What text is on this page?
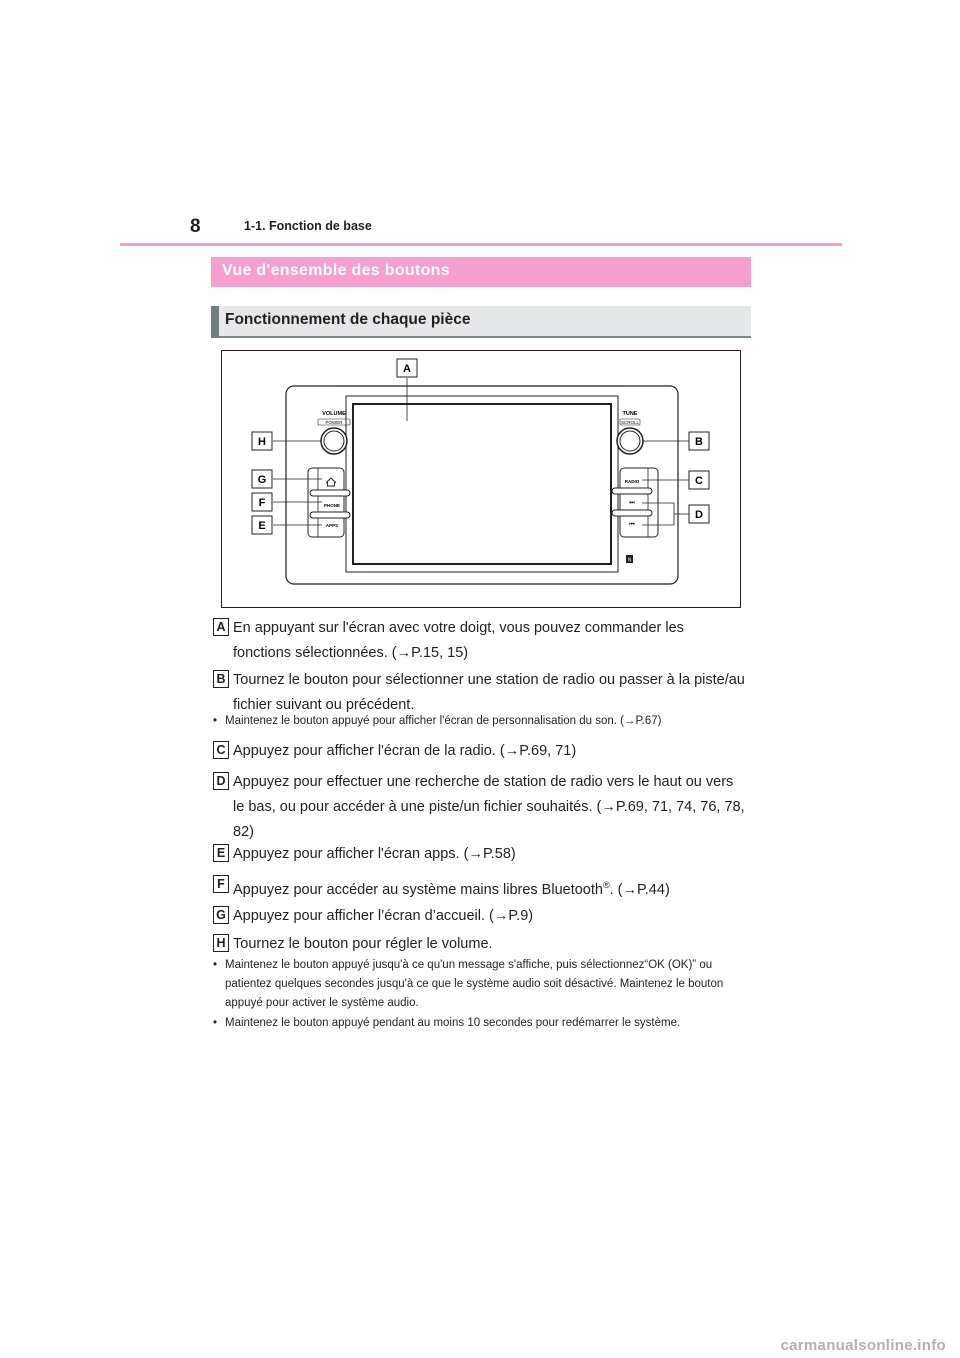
8	1-1. Fonction de base
Vue d'ensemble des boutons
Fonctionnement de chaque pièce
VOLUME
POWER
TUNE
SCROLL
PHONE
APPS
RADIO
⏭
⏮
N
A
B
C
D
E
F
G
H
A En appuyant sur l'écran avec votre doigt, vous pouvez commander les fonctions sélectionnées. (→P.15, 15)
B Tournez le bouton pour sélectionner une station de radio ou passer à la piste/au fichier suivant ou précédent.
• Maintenez le bouton appuyé pour afficher l'écran de personnalisation du son. (→P.67)
C Appuyez pour afficher l'écran de la radio. (→P.69, 71)
D Appuyez pour effectuer une recherche de station de radio vers le haut ou vers le bas, ou pour accéder à une piste/un fichier souhaités. (→P.69, 71, 74, 76, 78, 82)
E Appuyez pour afficher l'écran apps. (→P.58)
F Appuyez pour accéder au système mains libres Bluetooth®. (→P.44)
G Appuyez pour afficher l’écran d’accueil. (→P.9)
H Tournez le bouton pour régler le volume.
• Maintenez le bouton appuyé jusqu'à ce qu'un message s'affiche, puis sélectionnez“OK (OK)” ou patientez quelques secondes jusqu'à ce que le système audio soit désactivé. Maintenez le bouton appuyé pour activer le système audio.
• Maintenez le bouton appuyé pendant au moins 10 secondes pour redémarrer le système.
carmanualsonline.info
